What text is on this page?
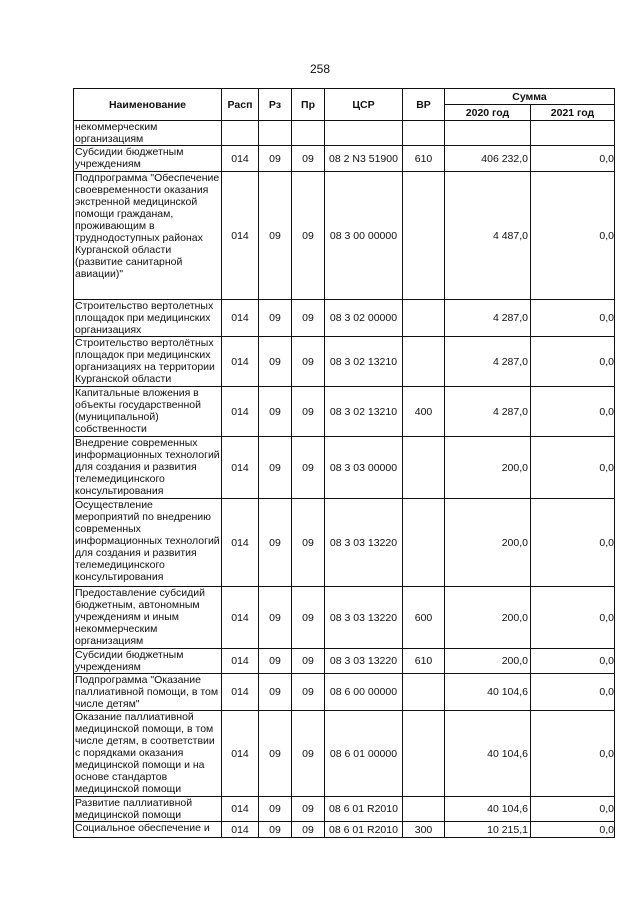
258
Наименование	Расп	Рз	Пр	ЦСР	ВР	Сумма	
						2020 год	2021 год
некоммерческим организациям							
Субсидии бюджетным учреждениям	014	09	09	08 2 N3 51900	610	406 232,0	0,0
Подпрограмма "Обеспечение своевременности оказания экстренной медицинской помощи гражданам, проживающим в труднодоступных районах Курганской области (развитие санитарной авиации)"	014	09	09	08 3 00 00000		4 487,0	0,0
Строительство вертолетных площадок при медицинских организациях	014	09	09	08 3 02 00000		4 287,0	0,0
Строительство вертолётных площадок при медицинских организациях на территории Курганской области	014	09	09	08 3 02 13210		4 287,0	0,0
Капитальные вложения в объекты государственной (муниципальной) собственности	014	09	09	08 3 02 13210	400	4 287,0	0,0
Внедрение современных информационных технологий для создания и развития телемедицинского консультирования	014	09	09	08 3 03 00000		200,0	0,0
Осуществление мероприятий по внедрению современных информационных технологий для создания и развития телемедицинского консультирования	014	09	09	08 3 03 13220		200,0	0,0
Предоставление субсидий бюджетным, автономным учреждениям и иным некоммерческим организациям	014	09	09	08 3 03 13220	600	200,0	0,0
Субсидии бюджетным учреждениям	014	09	09	08 3 03 13220	610	200,0	0,0
Подпрограмма "Оказание паллиативной помощи, в том числе детям"	014	09	09	08 6 00 00000		40 104,6	0,0
Оказание паллиативной медицинской помощи, в том числе детям, в соответствии с порядками оказания медицинской помощи и на основе стандартов медицинской помощи	014	09	09	08 6 01 00000		40 104,6	0,0
Развитие паллиативной медицинской помощи	014	09	09	08 6 01 R2010		40 104,6	0,0
Социальное обеспечение и	014	09	09	08 6 01 R2010	300	10 215,1	0,0
